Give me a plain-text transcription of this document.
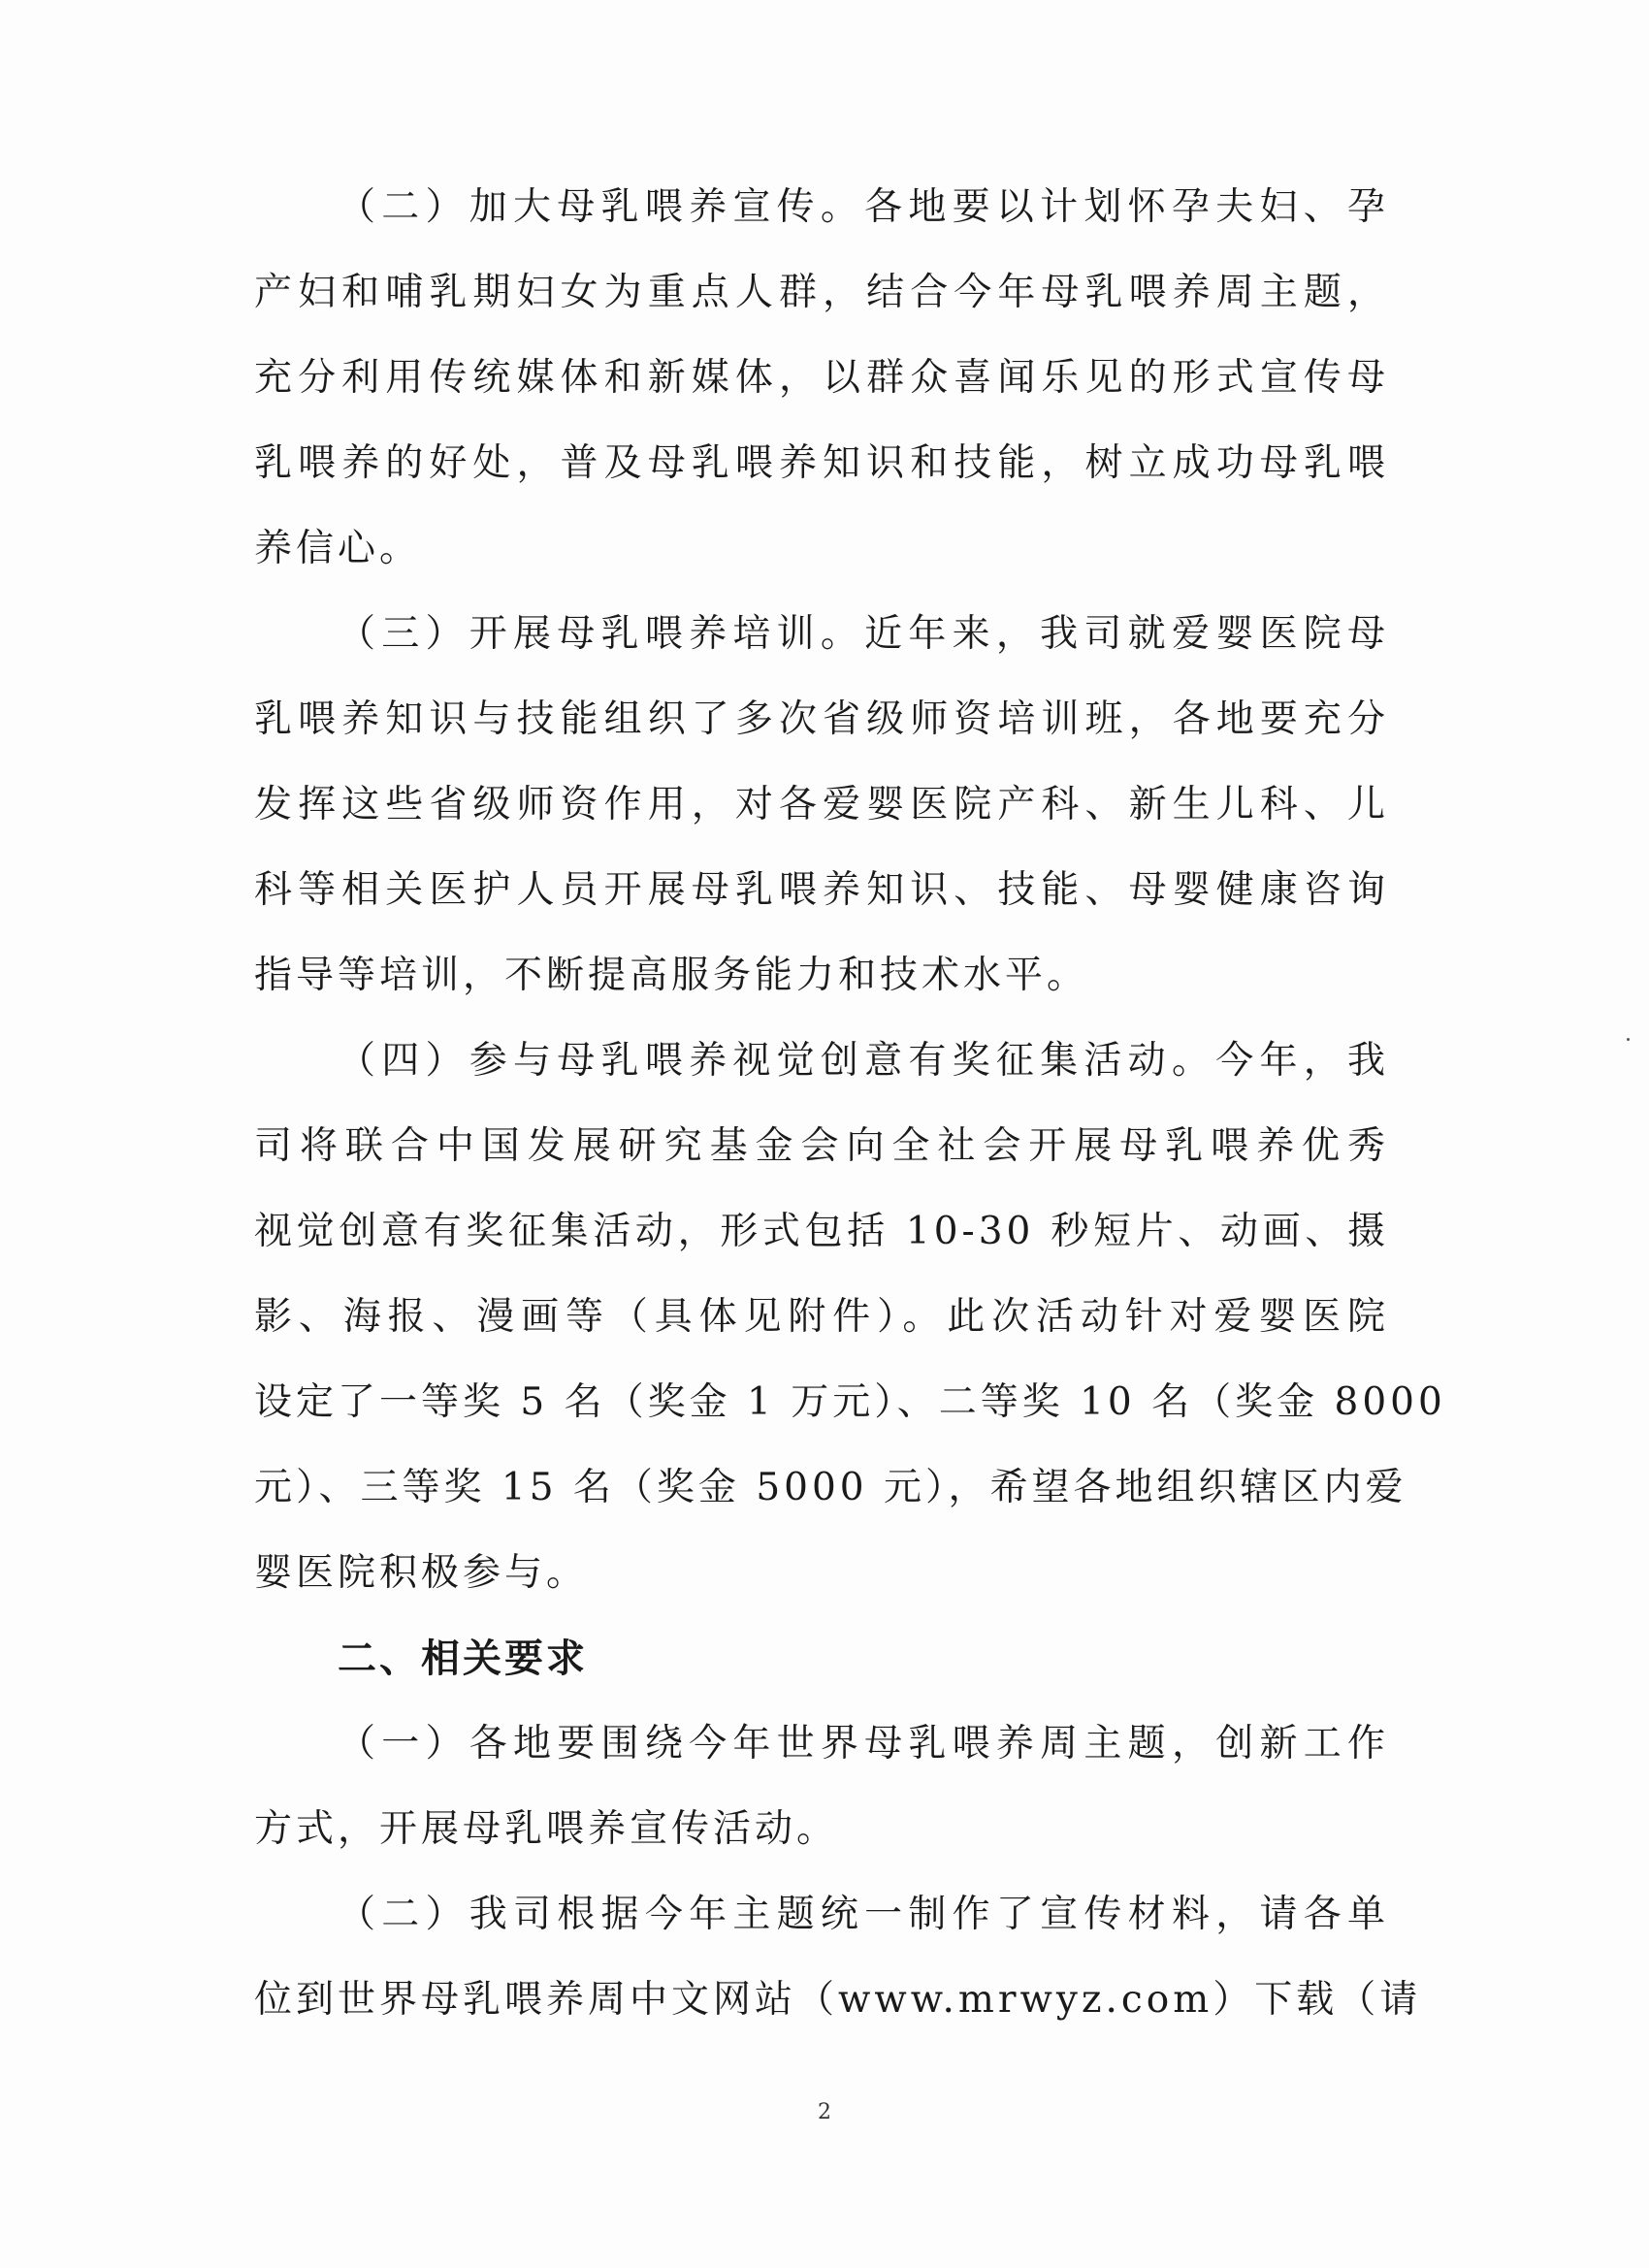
（二）加大母乳喂养宣传。各地要以计划怀孕夫妇、孕
产妇和哺乳期妇女为重点人群，结合今年母乳喂养周主题，
充分利用传统媒体和新媒体，以群众喜闻乐见的形式宣传母
乳喂养的好处，普及母乳喂养知识和技能，树立成功母乳喂
养信心。
（三）开展母乳喂养培训。近年来，我司就爱婴医院母
乳喂养知识与技能组织了多次省级师资培训班，各地要充分
发挥这些省级师资作用，对各爱婴医院产科、新生儿科、儿
科等相关医护人员开展母乳喂养知识、技能、母婴健康咨询
指导等培训，不断提高服务能力和技术水平。
（四）参与母乳喂养视觉创意有奖征集活动。今年，我
司将联合中国发展研究基金会向全社会开展母乳喂养优秀
视觉创意有奖征集活动，形式包括 10-30 秒短片、动画、摄
影、海报、漫画等（具体见附件）。此次活动针对爱婴医院
设定了一等奖 5 名（奖金 1 万元）、二等奖 10 名（奖金 8000
元）、三等奖 15 名（奖金 5000 元），希望各地组织辖区内爱
婴医院积极参与。
二、相关要求
（一）各地要围绕今年世界母乳喂养周主题，创新工作
方式，开展母乳喂养宣传活动。
（二）我司根据今年主题统一制作了宣传材料，请各单
位到世界母乳喂养周中文网站（www.mrwyz.com）下载（请
2
